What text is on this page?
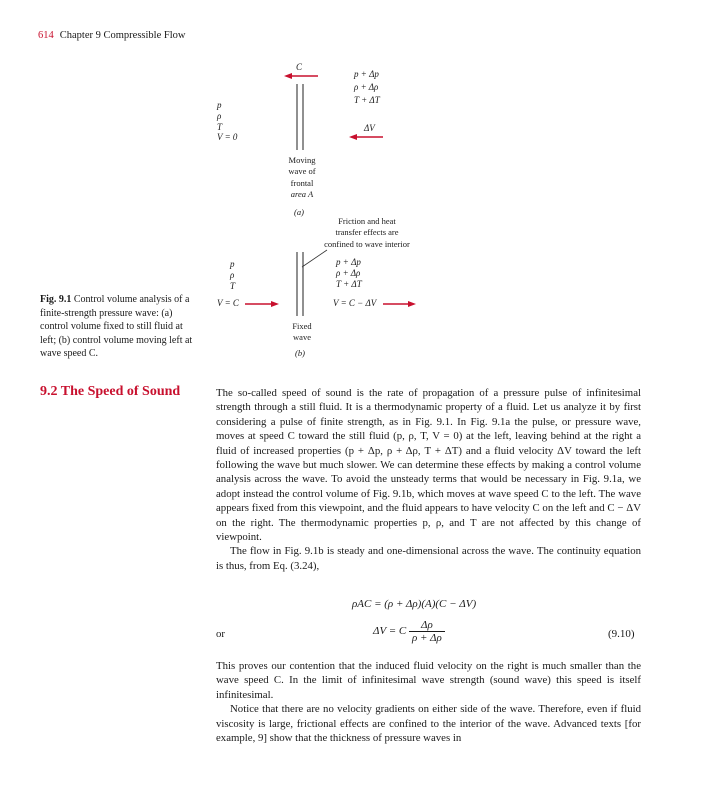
614 Chapter 9 Compressible Flow
C
p
ρ
T
V = 0
p + Δp
ρ + Δρ
T + ΔT
ΔV
Moving
wave of
frontal
area A
(a)
Friction and heat
transfer effects are
confined to wave interior
p
ρ
T
V = C
p + Δp
ρ + Δρ
T + ΔT
V = C − ΔV
Fixed
wave
(b)
Fig. 9.1 Control volume analysis of a finite-strength pressure wave: (a) control volume fixed to still fluid at left; (b) control volume moving left at wave speed C.
9.2 The Speed of Sound	The so-called speed of sound is the rate of propagation of a pressure pulse of infinitesimal strength through a still fluid. It is a thermodynamic property of a fluid. Let us analyze it by first considering a pulse of finite strength, as in Fig. 9.1. In Fig. 9.1a the pulse, or pressure wave, moves at speed C toward the still fluid (p, ρ, T, V = 0) at the left, leaving behind at the right a fluid of increased properties (p + Δp, ρ + Δρ, T + ΔT) and a fluid velocity ΔV toward the left following the wave but much slower. We can determine these effects by making a control volume analysis across the wave. To avoid the unsteady terms that would be necessary in Fig. 9.1a, we adopt instead the control volume of Fig. 9.1b, which moves at wave speed C to the left. The wave appears fixed from this viewpoint, and the fluid appears to have velocity C on the left and C − ΔV on the right. The thermodynamic properties p, ρ, and T are not affected by this change of viewpoint.

The flow in Fig. 9.1b is steady and one-dimensional across the wave. The continuity equation is thus, from Eq. (3.24),

ρAC = (ρ + Δρ)(A)(C − ΔV)
or	ΔV = C $\frac{\Delta\rho}{\rho + \Delta\rho}$	(9.10)

This proves our contention that the induced fluid velocity on the right is much smaller than the wave speed C. In the limit of infinitesimal wave strength (sound wave) this speed is itself infinitesimal.

Notice that there are no velocity gradients on either side of the wave. Therefore, even if fluid viscosity is large, frictional effects are confined to the interior of the wave. Advanced texts [for example, 9] show that the thickness of pressure waves in
